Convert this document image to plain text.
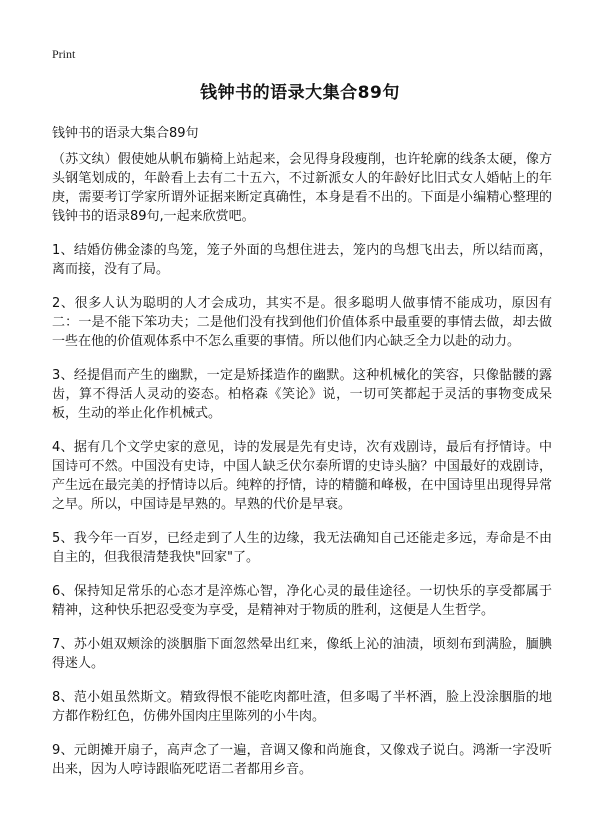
Print
钱钟书的语录大集合89句
钱钟书的语录大集合89句

（苏文纨）假使她从帆布躺椅上站起来，会见得身段瘦削，也许轮廓的线条太硬，像方头钢笔划成的，年龄看上去有二十五六，不过新派女人的年龄好比旧式女人婚帖上的年庚，需要考订学家所谓外证据来断定真确性，本身是看不出的。下面是小编精心整理的钱钟书的语录89句,一起来欣赏吧。

1、结婚仿佛金漆的鸟笼，笼子外面的鸟想住进去，笼内的鸟想飞出去，所以结而离，离而接，没有了局。

2、很多人认为聪明的人才会成功，其实不是。很多聪明人做事情不能成功，原因有二：一是不能下笨功夫；二是他们没有找到他们价值体系中最重要的事情去做，却去做一些在他的价值观体系中不怎么重要的事情。所以他们内心缺乏全力以赴的动力。

3、经提倡而产生的幽默，一定是矫揉造作的幽默。这种机械化的笑容，只像骷髅的露齿，算不得活人灵动的姿态。柏格森《笑论》说，一切可笑都起于灵活的事物变成呆板，生动的举止化作机械式。

4、据有几个文学史家的意见，诗的发展是先有史诗，次有戏剧诗，最后有抒情诗。中国诗可不然。中国没有史诗，中国人缺乏伏尔泰所谓的史诗头脑？中国最好的戏剧诗，产生远在最完美的抒情诗以后。纯粹的抒情，诗的精髓和峰极，在中国诗里出现得异常之早。所以，中国诗是早熟的。早熟的代价是早衰。

5、我今年一百岁，已经走到了人生的边缘，我无法确知自己还能走多远，寿命是不由自主的，但我很清楚我快"回家"了。

6、保持知足常乐的心态才是淬炼心智，净化心灵的最佳途径。一切快乐的享受都属于精神，这种快乐把忍受变为享受，是精神对于物质的胜利，这便是人生哲学。

7、苏小姐双颊涂的淡胭脂下面忽然晕出红来，像纸上沁的油渍，顷刻布到满脸，腼腆得迷人。

8、范小姐虽然斯文。精致得恨不能吃肉都吐渣，但多喝了半杯酒，脸上没涂胭脂的地方都作粉红色，仿佛外国肉庄里陈列的小牛肉。

9、元朗摊开扇子，高声念了一遍，音调又像和尚施食，又像戏子说白。鸿渐一字没听出来，因为人哼诗跟临死呓语二者都用乡音。
